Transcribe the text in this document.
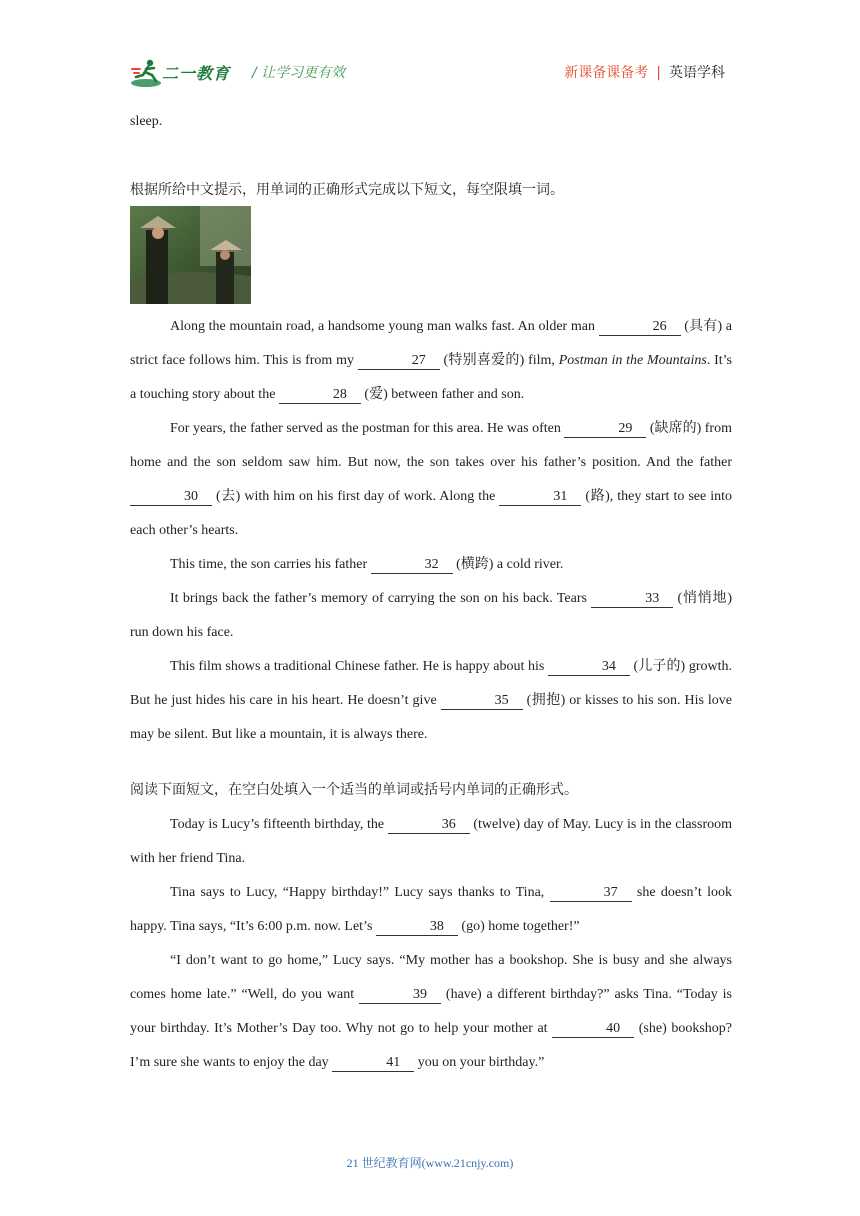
二一教育 / 让学习更有效	新课备课备考 | 英语学科

sleep.

根据所给中文提示，用单词的正确形式完成以下短文，每空限填一词。

Along the mountain road, a handsome young man walks fast. An older man	26 (具有) a strict face follows him. This is from my	27 (特别喜爱的) film, Postman in the Mountains. It’s a touching story about the	28 (爱) between father and son.

For years, the father served as the postman for this area. He was often	29 (缺席的) from home and the son seldom saw him. But now, the son takes over his father’s position. And the father 30 (去) with him on his first day of work. Along the	31 (路), they start to see into each other’s hearts.

This time, the son carries his father	32 (横跨) a cold river.

It brings back the father’s memory of carrying the son on his back. Tears	33 (悄悄地) run down his face.

This film shows a traditional Chinese father. He is happy about his	34 (儿子的) growth. But he just hides his care in his heart. He doesn’t give	35 (拥抱) or kisses to his son. His love may be silent. But like a mountain, it is always there.

阅读下面短文，在空白处填入一个适当的单词或括号内单词的正确形式。

Today is Lucy’s fifteenth birthday, the	36 (twelve) day of May. Lucy is in the classroom with her friend Tina.

Tina says to Lucy, “Happy birthday!” Lucy says thanks to Tina,	37 she doesn’t look happy. Tina says, “It’s 6:00 p.m. now. Let’s	38 (go) home together!”

“I don’t want to go home,” Lucy says. “My mother has a bookshop. She is busy and she always comes home late.” “Well, do you want	39 (have) a different birthday?” asks Tina. “Today is your birthday. It’s Mother’s Day too. Why not go to help your mother at	40 (she) bookshop? I’m sure she wants to enjoy the day	41 you on your birthday.”

21 世纪教育网(www.21cnjy.com)
